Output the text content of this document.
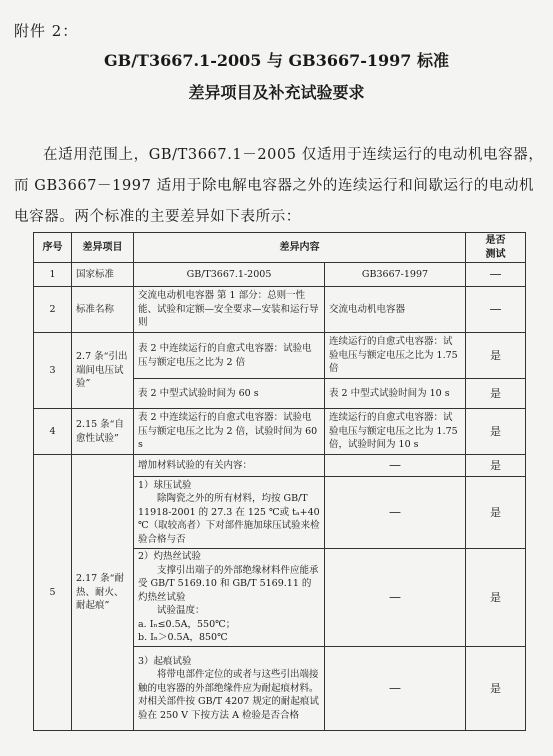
附件 2：
GB/T3667.1-2005 与 GB3667-1997 标准
差异项目及补充试验要求

在适用范围上，GB/T3667.1－2005 仅适用于连续运行的电动机电容器，而 GB3667－1997 适用于除电解电容器之外的连续运行和间歇运行的电动机电容器。两个标准的主要差异如下表所示：

序号	差异项目	差异内容		是否
测试

1	国家标准	GB/T3667.1-2005	GB3667-1997	—
2	标准名称	交流电动机电容器 第 1 部分：总则一性能、试验和定额—安全要求—安装和运行导则	交流电动机电容器	—
3	2.7 条“引出端间电压试验”	表 2 中连续运行的自愈式电容器：试验电压与额定电压之比为 2 倍	连续运行的自愈式电容器：试验电压与额定电压之比为 1.75 倍	是
		表 2 中型式试验时间为 60 s	表 2 中型式试验时间为 10 s	是
4	2.15 条“自愈性试验”	表 2 中连续运行的自愈式电容器：试验电压与额定电压之比为 2 倍，试验时间为 60 s	连续运行的自愈式电容器：试验电压与额定电压之比为 1.75 倍，试验时间为 10 s	是
5	2.17 条“耐热、耐火、耐起痕”	增加材料试验的有关内容：	—	是

		1）球压试验
除陶瓷之外的所有材料，均按 GB/T 11918-2001 的 27.3 在 125 ℃或 tₐ+40 ℃（取较高者）下对部件施加球压试验来检验合格与否	—	是

		2）灼热丝试验
支撑引出端子的外部绝缘材料件应能承受 GB/T 5169.10 和 GB/T 5169.11 的灼热丝试验
试验温度：
a. Iₙ≤0.5A，550℃；
b. Iₙ＞0.5A，850℃	—	是

		3）起痕试验
将带电部件定位的或者与这些引出端接触的电容器的外部绝缘件应为耐起痕材料。对相关部件按 GB/T 4207 规定的耐起痕试验在 250 V 下按方法 A 检验是否合格	—	是
